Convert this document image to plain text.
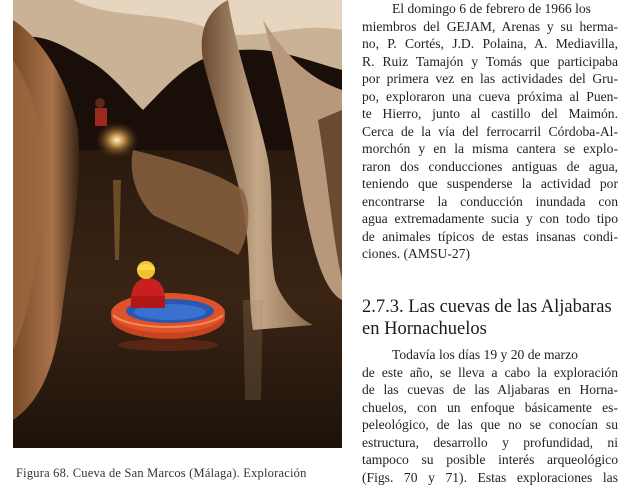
Figura 68. Cueva de San Marcos (Málaga). Exploración
El domingo 6 de febrero de 1966 los
miembros del GEJAM, Arenas y su herma-
no, P. Cortés, J.D. Polaina, A. Mediavilla,
R. Ruiz Tamajón y Tomás que participaba
por primera vez en las actividades del Gru-
po, exploraron una cueva próxima al Puen-
te Hierro, junto al castillo del Maimón.
Cerca de la vía del ferrocarril Córdoba-Al-
morchón y en la misma cantera se explo-
raron dos conducciones antiguas de agua,
teniendo que suspenderse la actividad por
encontrarse la conducción inundada con
agua extremadamente sucia y con todo tipo
de animales típicos de estas insanas condi-
ciones. (AMSU-27)
2.7.3. Las cuevas de las Aljabaras
en Hornachuelos
Todavía los días 19 y 20 de marzo
de este año, se lleva a cabo la exploración
de las cuevas de las Aljabaras en Horna-
chuelos, con un enfoque básicamente es-
peleológico, de las que no se conocían su
estructura, desarrollo y profundidad, ni
tampoco su posible interés arqueológico
(Figs. 70 y 71). Estas exploraciones las
